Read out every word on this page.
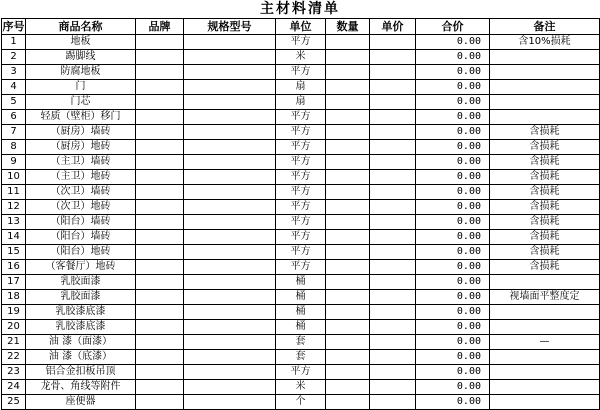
主材料清单
序号	商品名称	品牌	规格型号	单位	数量	单价	合价	备注
1	地板			平方			0.00	含10%损耗
2	踢脚线			米			0.00	
3	防腐地板			平方			0.00	
4	门			扇			0.00	
5	门芯			扇			0.00	
6	轻质（壁柜）移门			平方			0.00	
7	（厨房）墙砖			平方			0.00	含损耗
8	（厨房）地砖			平方			0.00	含损耗
9	（主卫）墙砖			平方			0.00	含损耗
10	（主卫）地砖			平方			0.00	含损耗
11	（次卫）墙砖			平方			0.00	含损耗
12	（次卫）地砖			平方			0.00	含损耗
13	（阳台）墙砖			平方			0.00	含损耗
14	（阳台）墙砖			平方			0.00	含损耗
15	（阳台）地砖			平方			0.00	含损耗
16	（客餐厅）地砖			平方			0.00	含损耗
17	乳胶面漆			桶			0.00	
18	乳胶面漆			桶			0.00	视墙面平整度定
19	乳胶漆底漆			桶			0.00	
20	乳胶漆底漆			桶			0.00	
21	油 漆（面漆）			套			0.00	—
22	油 漆（底漆）			套			0.00	
23	铝合金扣板吊顶			平方			0.00	
24	龙骨、角线等附件			米			0.00	
25	座便器			个			0.00	
